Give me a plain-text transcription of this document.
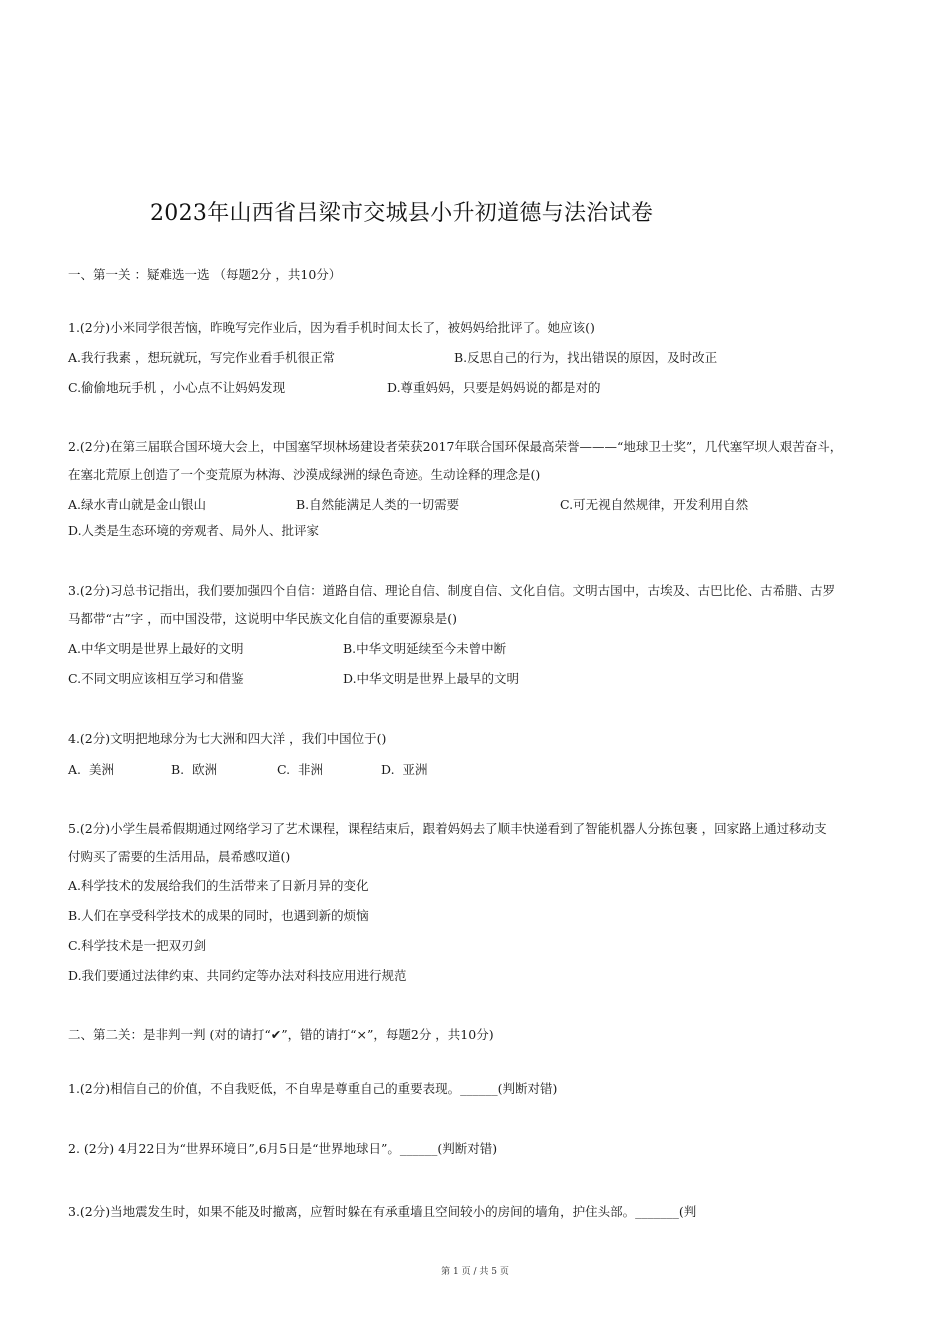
2023年山西省吕梁市交城县小升初道德与法治试卷
一、第一关 ：疑难选一选 （每题2分 ，共10分）
1.(2分)小米同学很苦恼，昨晚写完作业后，因为看手机时间太长了，被妈妈给批评了。她应该()
A.我行我素 ，想玩就玩，写完作业看手机很正常	B.反思自己的行为，找出错误的原因，及时改正
C.偷偷地玩手机 ，小心点不让妈妈发现	D.尊重妈妈，只要是妈妈说的都是对的
2.(2分)在第三届联合国环境大会上，中国塞罕坝林场建设者荣获2017年联合国环保最高荣誉———“地球卫士奖”，几代塞罕坝人艰苦奋斗，
在塞北荒原上创造了一个变荒原为林海、沙漠成绿洲的绿色奇迹。生动诠释的理念是()
A.绿水青山就是金山银山	B.自然能满足人类的一切需要	C.可无视自然规律，开发利用自然
D.人类是生态环境的旁观者、局外人、批评家
3.(2分)习总书记指出，我们要加强四个自信：道路自信、理论自信、制度自信、文化自信。文明古国中，古埃及、古巴比伦、古希腊、古罗
马都带“古”字 ，而中国没带，这说明中华民族文化自信的重要源泉是()
A.中华文明是世界上最好的文明	B.中华文明延续至今未曾中断
C.不同文明应该相互学习和借鉴	D.中华文明是世界上最早的文明
4.(2分)文明把地球分为七大洲和四大洋 ，我们中国位于()
A.  美洲	B.  欧洲	C.  非洲	D.  亚洲
5.(2分)小学生晨希假期通过网络学习了艺术课程，课程结束后，跟着妈妈去了顺丰快递看到了智能机器人分拣包裹 ，回家路上通过移动支
付购买了需要的生活用品，晨希感叹道()
A.科学技术的发展给我们的生活带来了日新月异的变化
B.人们在享受科学技术的成果的同时，也遇到新的烦恼
C.科学技术是一把双刃剑
D.我们要通过法律约束、共同约定等办法对科技应用进行规范
二、第二关：是非判一判 (对的请打“✔”，错的请打“×”，每题2分 ，共10分)
1.(2分)相信自己的价值，不自我贬低，不自卑是尊重自己的重要表现。______(判断对错)
2. (2分) 4月22日为“世界环境日”,6月5日是“世界地球日”。______(判断对错)
3.(2分)当地震发生时，如果不能及时撤离，应暂时躲在有承重墙且空间较小的房间的墙角，护住头部。_______(判
第 1 页 / 共 5 页
